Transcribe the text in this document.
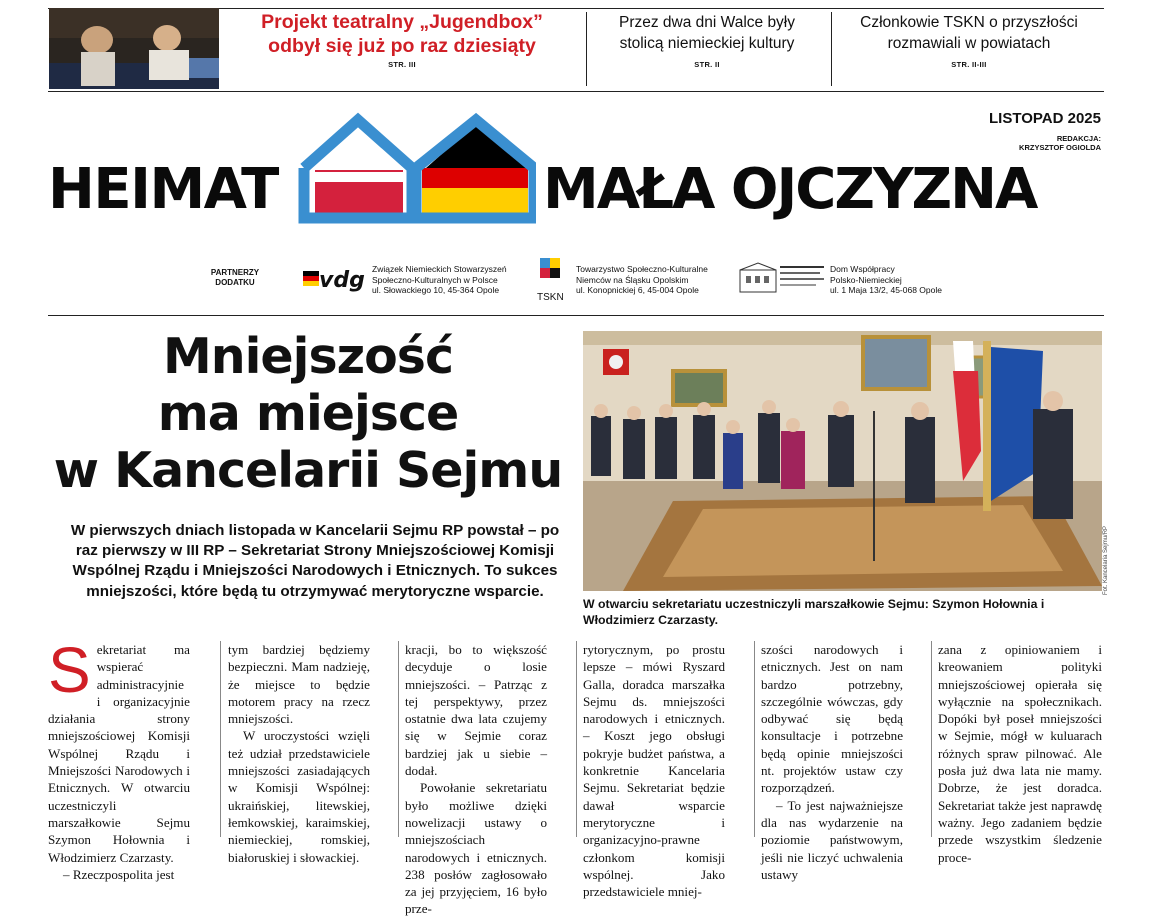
Projekt teatralny „Jugendbox”
odbył się już po raz dziesiąty
STR. III
Przez dwa dni Walce były
stolicą niemieckiej kultury
STR. II
Członkowie TSKN o przyszłości
rozmawiali w powiatach
STR. II-III
LISTOPAD 2025
REDAKCJA:
KRZYSZTOF OGIOLDA
HEIMAT	MAŁA OJCZYZNA
PARTNERZY
DODATKU	vdg Związek Niemieckich Stowarzyszeń
Społeczno-Kulturalnych w Polsce
ul. Słowackiego 10, 45-364 Opole
TSKN
Towarzystwo Społeczno-Kulturalne
Niemców na Śląsku Opolskim
ul. Konopnickiej 6, 45-004 Opole
Dom Współpracy
Polsko-Niemieckiej
ul. 1 Maja 13/2, 45-068 Opole
Mniejszość
ma miejsce
w Kancelarii Sejmu
W pierwszych dniach listopada w Kancelarii Sejmu RP powstał – po raz pierwszy w III RP – Sekretariat Strony Mniejszościowej Komisji Wspólnej Rządu i Mniejszości Narodowych i Etnicznych. To sukces mniejszości, które będą tu otrzymywać merytoryczne wsparcie.
W otwarciu sekretariatu uczestniczyli marszałkowie Sejmu: Szymon Hołownia i Włodzimierz Czarzasty.
Fot. Kancelaria Sejmu/RP

Sekretariat ma wspierać administracyjnie i organizacyjnie działania strony mniejszościowej Komisji Wspólnej Rządu i Mniejszości Narodowych i Etnicznych. W otwarciu uczestniczyli marszałkowie Sejmu Szymon Hołownia i Włodzimierz Czarzasty.

– Rzeczpospolita jest

tym bardziej będziemy bezpieczni. Mam nadzieję, że miejsce to będzie motorem pracy na rzecz mniejszości.

W uroczystości wzięli też udział przedstawiciele mniejszości zasiadających w Komisji Wspólnej: ukraińskiej, litewskiej, łemkowskiej, karaimskiej, niemieckiej, romskiej, białoruskiej i słowackiej.

kracji, bo to większość decyduje o losie mniejszości. – Patrząc z tej perspektywy, przez ostatnie dwa lata czujemy się w Sejmie coraz bardziej jak u siebie – dodał.

Powołanie sekretariatu było możliwe dzięki nowelizacji ustawy o mniejszościach narodowych i etnicznych. 238 posłów zagłosowało za jej przyjęciem, 16 było prze-

rytorycznym, po prostu lepsze – mówi Ryszard Galla, doradca marszałka Sejmu ds. mniejszości narodowych i etnicznych. – Koszt jego obsługi pokryje budżet państwa, a konkretnie Kancelaria Sejmu. Sekretariat będzie dawał wsparcie merytoryczne i organizacyjno-prawne członkom komisji wspólnej. Jako przedstawiciele mniej-

szości narodowych i etnicznych. Jest on nam bardzo potrzebny, szczególnie wówczas, gdy odbywać się będą konsultacje i potrzebne będą opinie mniejszości nt. projektów ustaw czy rozporządzeń.

– To jest najważniejsze dla nas wydarzenie na poziomie państwowym, jeśli nie liczyć uchwalenia ustawy

zana z opiniowaniem i kreowaniem polityki mniejszościowej opierała się wyłącznie na społecznikach. Dopóki był poseł mniejszości w Sejmie, mógł w kuluarach różnych spraw pilnować. Ale posła już dwa lata nie mamy. Dobrze, że jest doradca. Sekretariat także jest naprawdę ważny. Jego zadaniem będzie przede wszystkim śledzenie proce-
